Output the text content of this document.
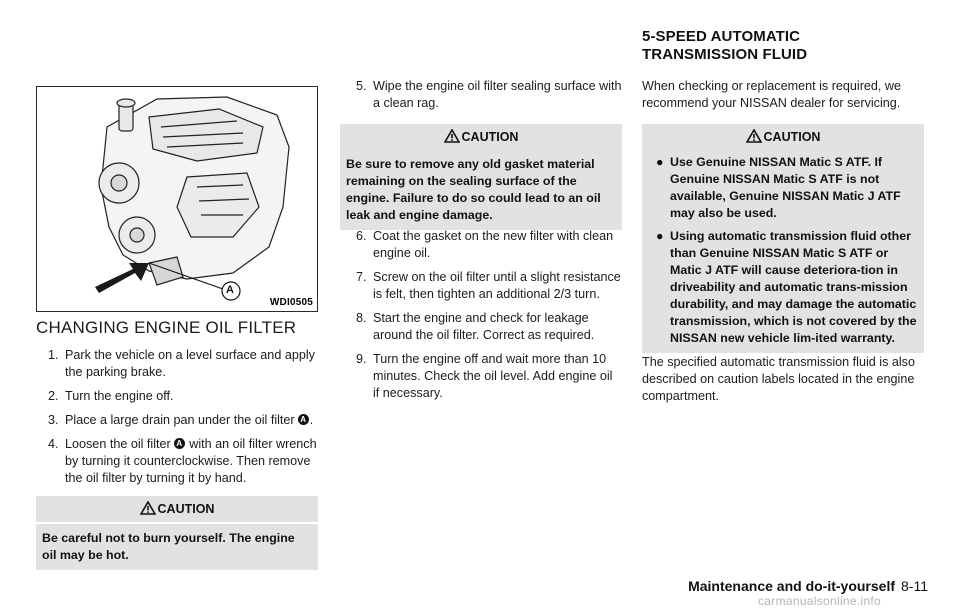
5-SPEED AUTOMATIC
TRANSMISSION FLUID
A
WDI0505
CHANGING ENGINE OIL FILTER
1. Park the vehicle on a level surface and apply the parking brake.
2. Turn the engine off.
3. Place a large drain pan under the oil filter A .
4. Loosen the oil filter A with an oil filter wrench by turning it counterclockwise. Then remove the oil filter by turning it by hand.
CAUTION
Be careful not to burn yourself. The engine oil may be hot.
5. Wipe the engine oil filter sealing surface with a clean rag.
CAUTION
Be sure to remove any old gasket material remaining on the sealing surface of the engine. Failure to do so could lead to an oil leak and engine damage.
6. Coat the gasket on the new filter with clean engine oil.
7. Screw on the oil filter until a slight resistance is felt, then tighten an additional 2/3 turn.
8. Start the engine and check for leakage around the oil filter. Correct as required.
9. Turn the engine off and wait more than 10 minutes. Check the oil level. Add engine oil if necessary.
When checking or replacement is required, we recommend your NISSAN dealer for servicing.
CAUTION
● Use Genuine NISSAN Matic S ATF. If Genuine NISSAN Matic S ATF is not available, Genuine NISSAN Matic J ATF may also be used.
● Using automatic transmission fluid other than Genuine NISSAN Matic S ATF or Matic J ATF will cause deteriora-tion in driveability and automatic trans-mission durability, and may damage the automatic transmission, which is not covered by the NISSAN new vehicle lim-ited warranty.
The specified automatic transmission fluid is also described on caution labels located in the engine compartment.
Maintenance and do-it-yourself 8-11
carmanualsonline.info
